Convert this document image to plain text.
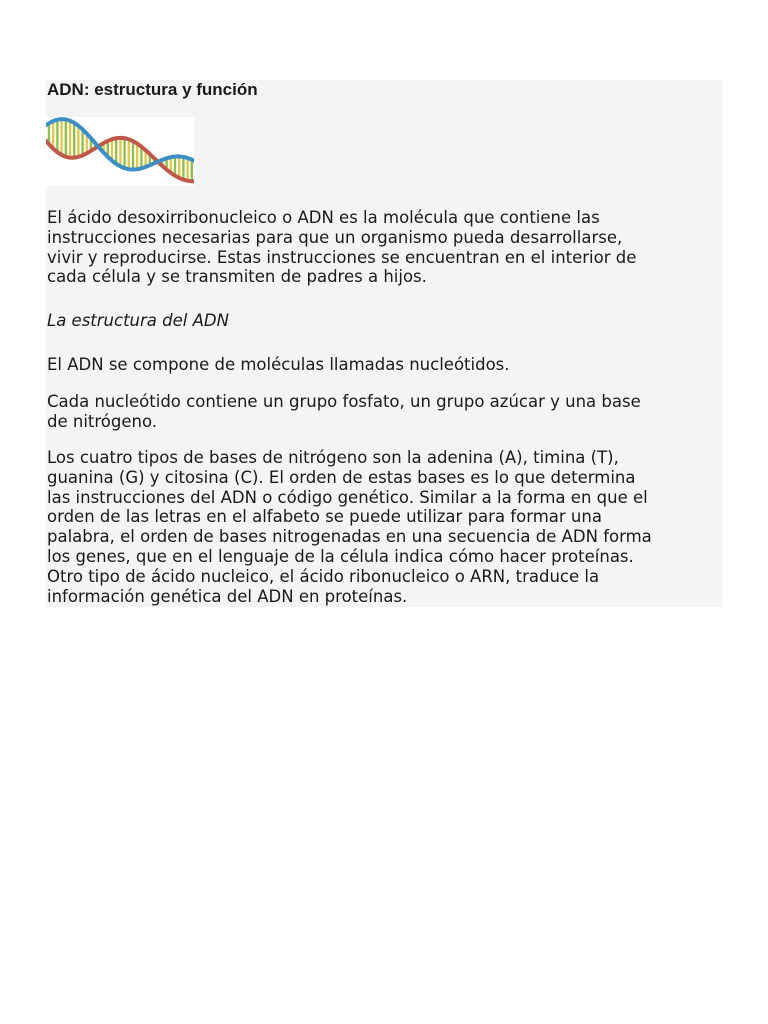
ADN: estructura y función

El ácido desoxirribonucleico o ADN es la molécula que contiene las
instrucciones necesarias para que un organismo pueda desarrollarse,
vivir y reproducirse. Estas instrucciones se encuentran en el interior de
cada célula y se transmiten de padres a hijos.

La estructura del ADN

El ADN se compone de moléculas llamadas nucleótidos.

Cada nucleótido contiene un grupo fosfato, un grupo azúcar y una base
de nitrógeno.

Los cuatro tipos de bases de nitrógeno son la adenina (A), timina (T),
guanina (G) y citosina (C). El orden de estas bases es lo que determina
las instrucciones del ADN o código genético. Similar a la forma en que el
orden de las letras en el alfabeto se puede utilizar para formar una
palabra, el orden de bases nitrogenadas en una secuencia de ADN forma
los genes, que en el lenguaje de la célula indica cómo hacer proteínas.
Otro tipo de ácido nucleico, el ácido ribonucleico o ARN, traduce la
información genética del ADN en proteínas.
